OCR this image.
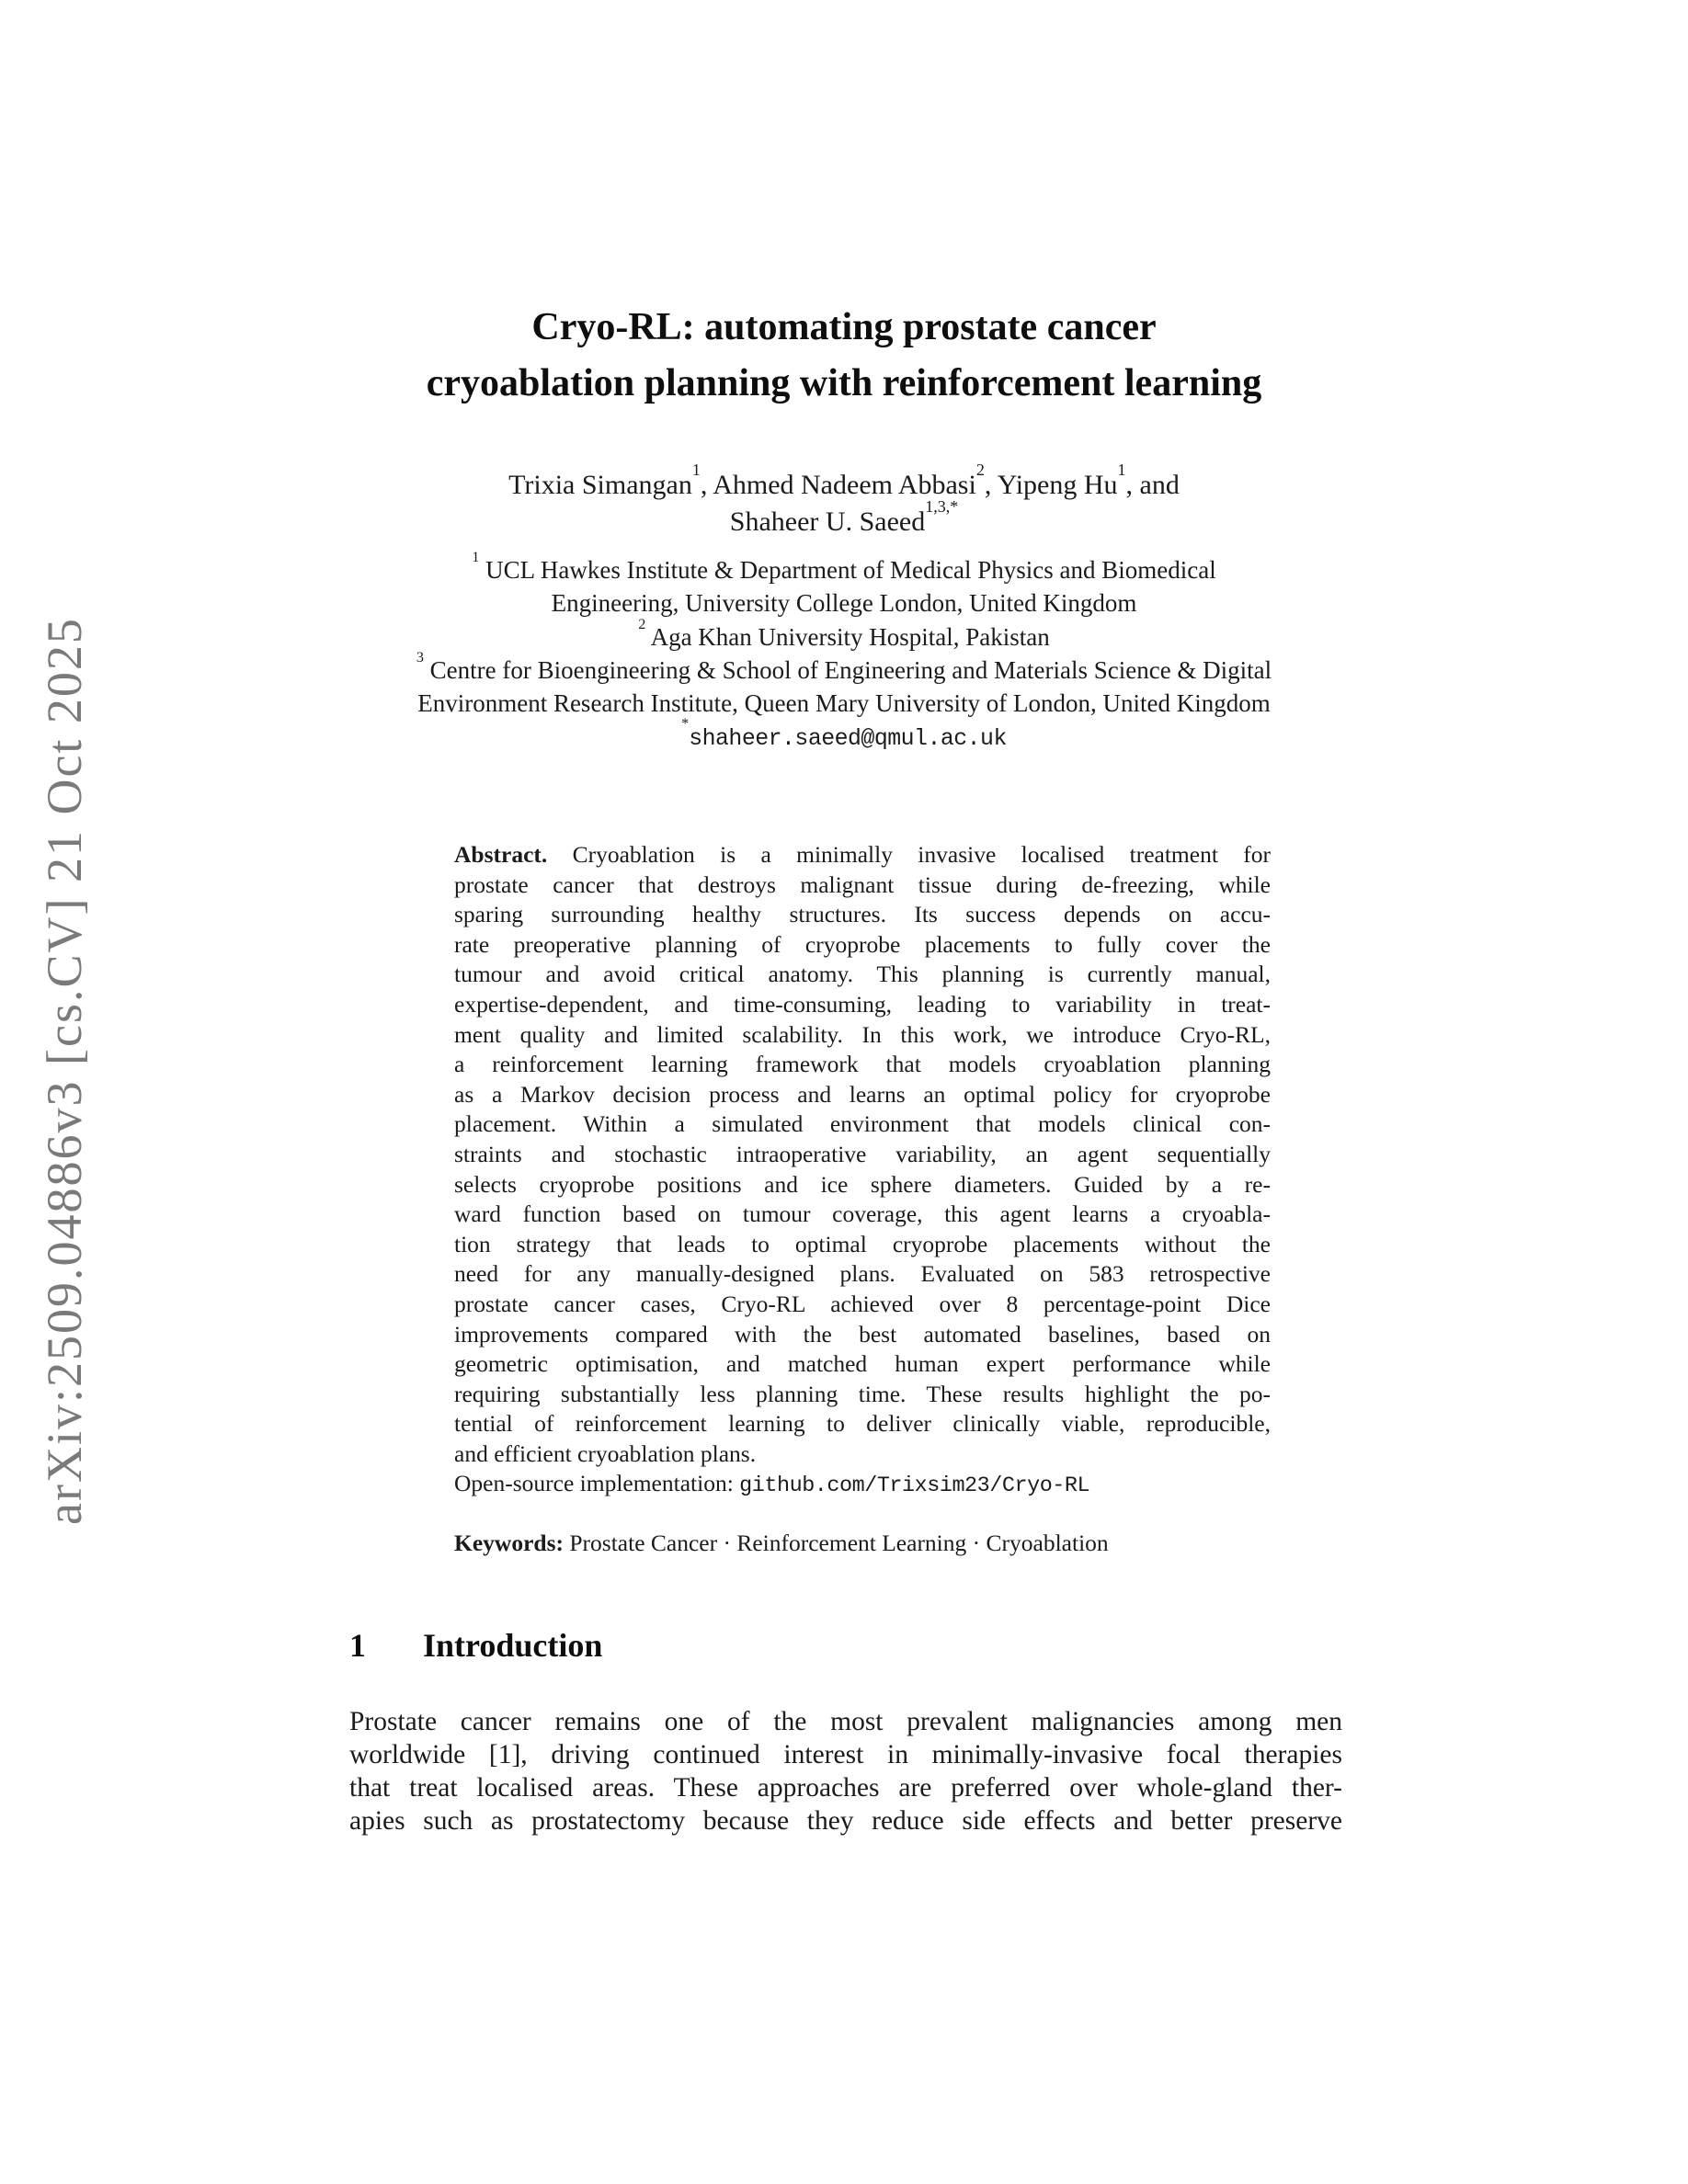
arXiv:2509.04886v3 [cs.CV] 21 Oct 2025
Cryo-RL: automating prostate cancer
cryoablation planning with reinforcement learning
Trixia Simangan$^1$, Ahmed Nadeem Abbasi$^2$, Yipeng Hu$^1$, and
Shaheer U. Saeed$^{1,3,*}$
$^1$ UCL Hawkes Institute & Department of Medical Physics and Biomedical
Engineering, University College London, United Kingdom
$^2$ Aga Khan University Hospital, Pakistan
$^3$ Centre for Bioengineering & School of Engineering and Materials Science & Digital
Environment Research Institute, Queen Mary University of London, United Kingdom
*shaheer.saeed@qmul.ac.uk
Abstract. Cryoablation is a minimally invasive localised treatment for
prostate cancer that destroys malignant tissue during de-freezing, while
sparing surrounding healthy structures. Its success depends on accu-
rate preoperative planning of cryoprobe placements to fully cover the
tumour and avoid critical anatomy. This planning is currently manual,
expertise-dependent, and time-consuming, leading to variability in treat-
ment quality and limited scalability. In this work, we introduce Cryo-RL,
a reinforcement learning framework that models cryoablation planning
as a Markov decision process and learns an optimal policy for cryoprobe
placement. Within a simulated environment that models clinical con-
straints and stochastic intraoperative variability, an agent sequentially
selects cryoprobe positions and ice sphere diameters. Guided by a re-
ward function based on tumour coverage, this agent learns a cryoabla-
tion strategy that leads to optimal cryoprobe placements without the
need for any manually-designed plans. Evaluated on 583 retrospective
prostate cancer cases, Cryo-RL achieved over 8 percentage-point Dice
improvements compared with the best automated baselines, based on
geometric optimisation, and matched human expert performance while
requiring substantially less planning time. These results highlight the po-
tential of reinforcement learning to deliver clinically viable, reproducible,
and efficient cryoablation plans.
Open-source implementation: github.com/Trixsim23/Cryo-RL
Keywords: Prostate Cancer · Reinforcement Learning · Cryoablation
1 Introduction
Prostate cancer remains one of the most prevalent malignancies among men
worldwide [1], driving continued interest in minimally-invasive focal therapies
that treat localised areas. These approaches are preferred over whole-gland ther-
apies such as prostatectomy because they reduce side effects and better preserve
